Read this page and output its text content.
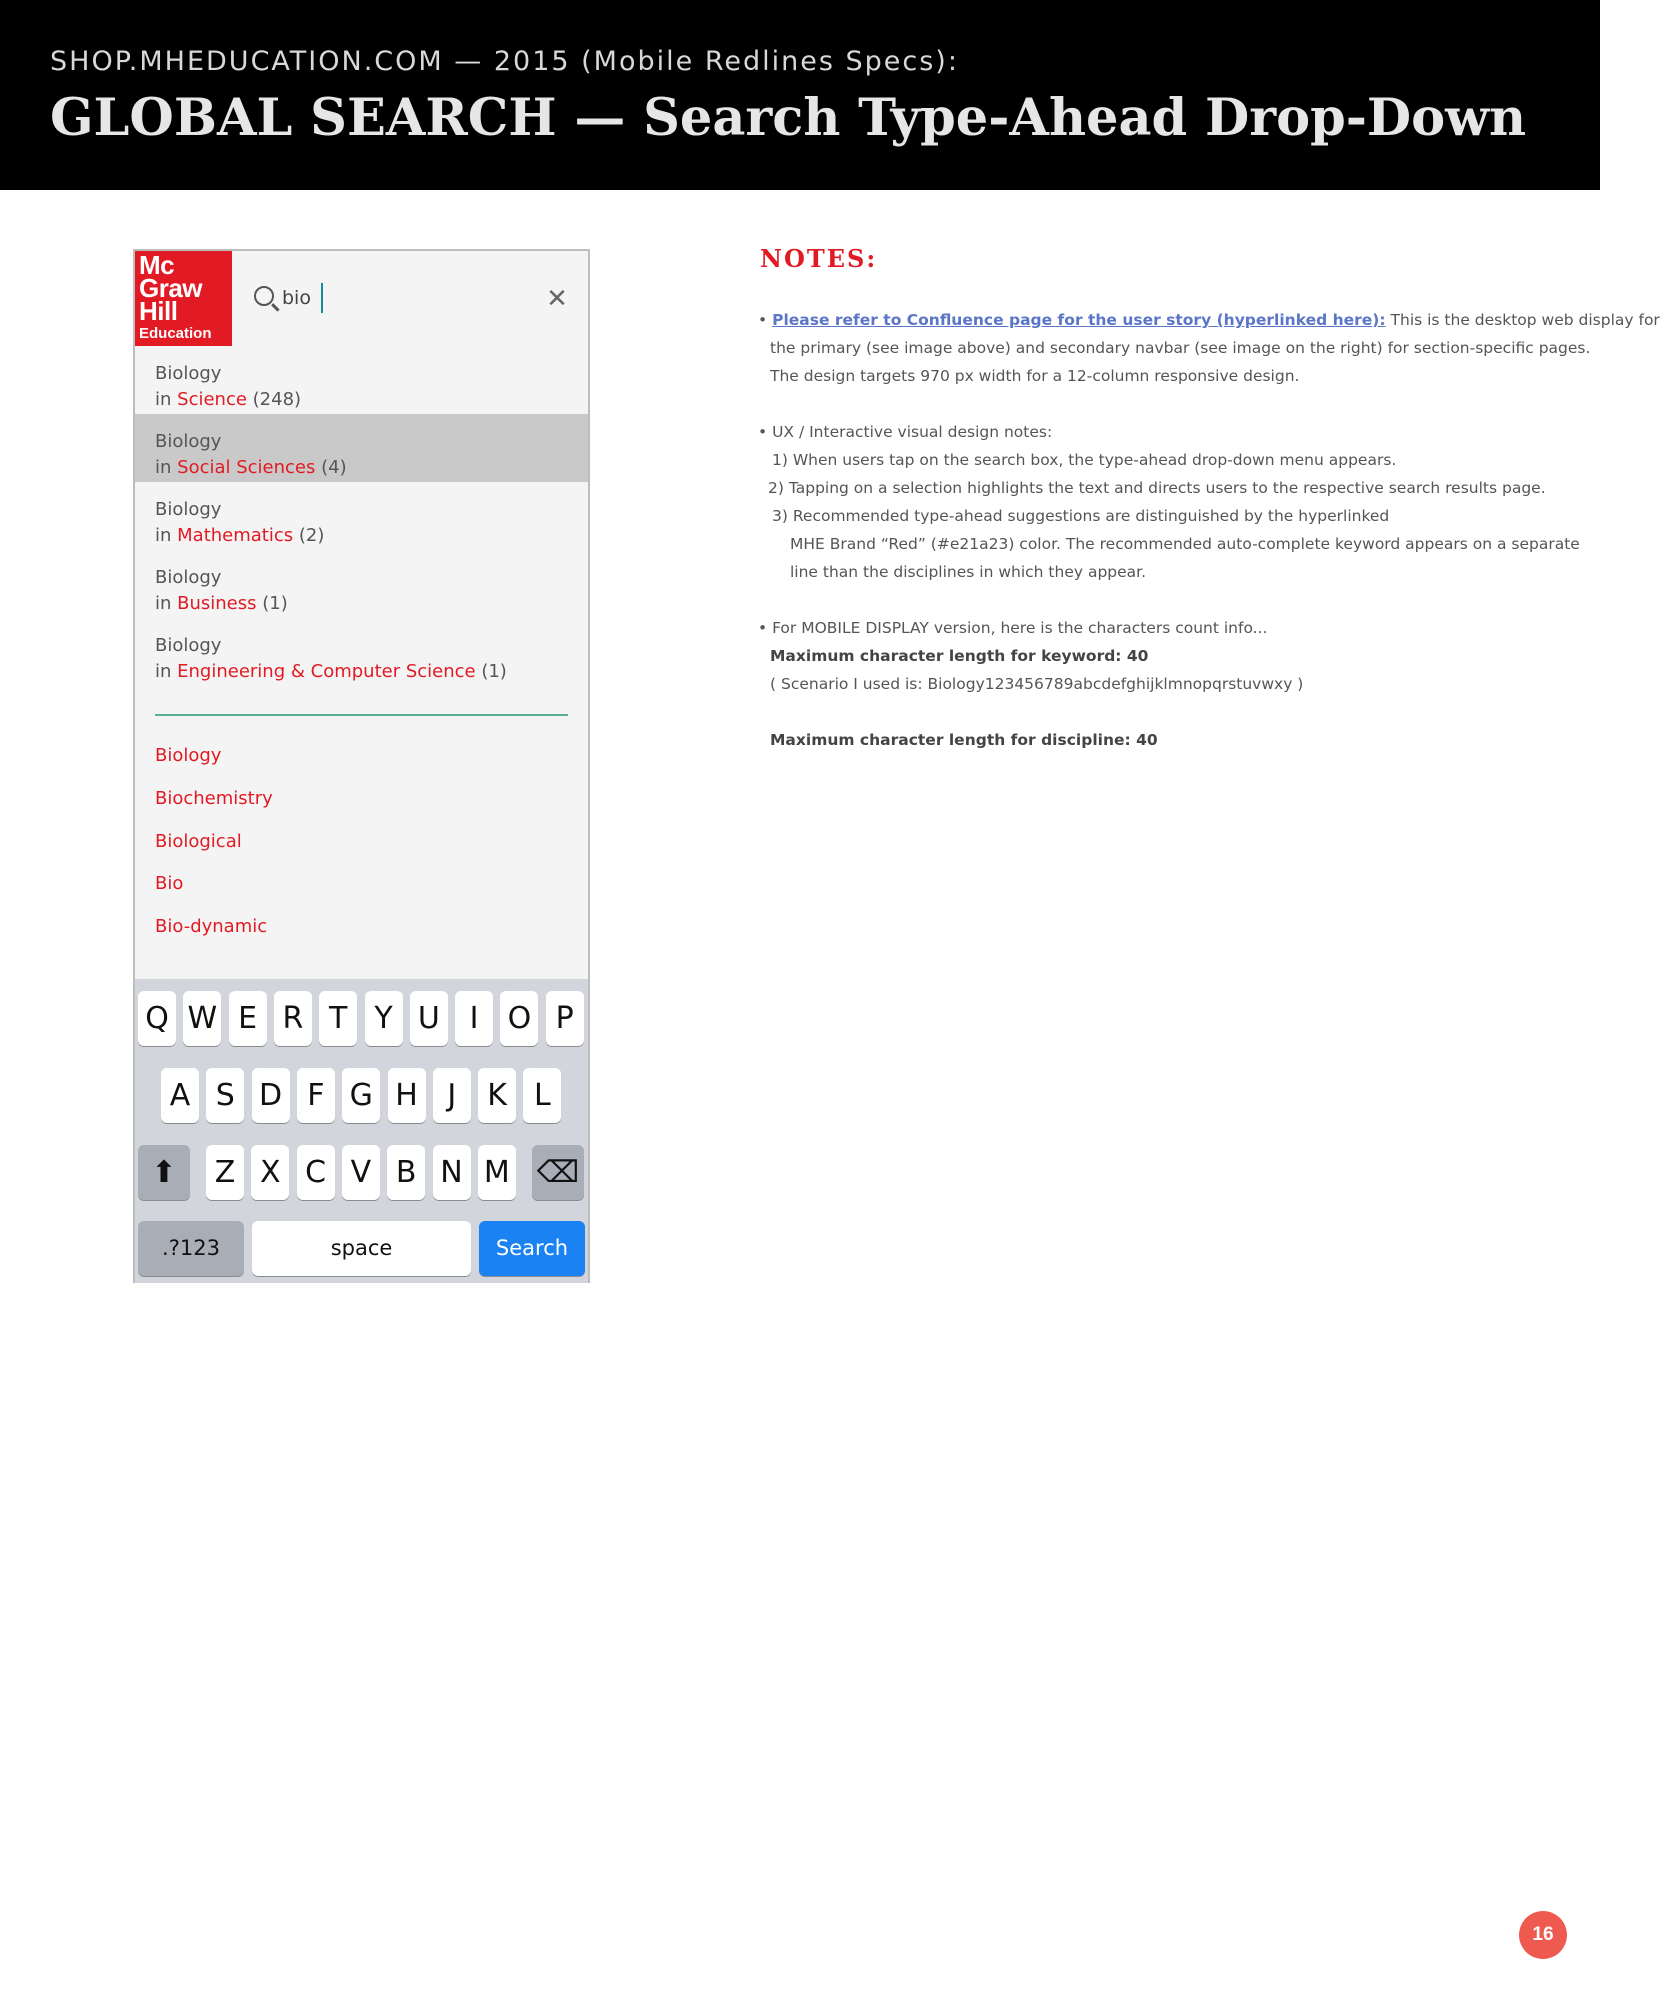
SHOP.MHEDUCATION.COM — 2015 (Mobile Redlines Specs):
GLOBAL SEARCH — Search Type-Ahead Drop-Down
Mc
Graw
Hill
Education
bio
✕
Biology
in Science (248)
Biology
in Social Sciences (4)
Biology
in Mathematics (2)
Biology
in Business (1)
Biology
in Engineering & Computer Science (1)
Biology
Biochemistry
Biological
Bio
Bio-dynamic
Q W E R T Y U I O P
A S D F G H J	K L
⬆	Z X C V B N M ⌫
.?123	space	Search
NOTES:

• Please refer to Confluence page for the user story (hyperlinked here): This is the desktop web display for

the primary (see image above) and secondary navbar (see image on the right) for section-specific pages.

The design targets 970 px width for a 12-column responsive design.

• UX / Interactive visual design notes:

1) When users tap on the search box, the type-ahead drop-down menu appears.

2) Tapping on a selection highlights the text and directs users to the respective search results page.

3) Recommended type-ahead suggestions are distinguished by the hyperlinked

MHE Brand “Red” (#e21a23) color. The recommended auto-complete keyword appears on a separate

line than the disciplines in which they appear.

• For MOBILE DISPLAY version, here is the characters count info...

Maximum character length for keyword: 40

( Scenario I used is: Biology123456789abcdefghijklmnopqrstuvwxy )

Maximum character length for discipline: 40

16
